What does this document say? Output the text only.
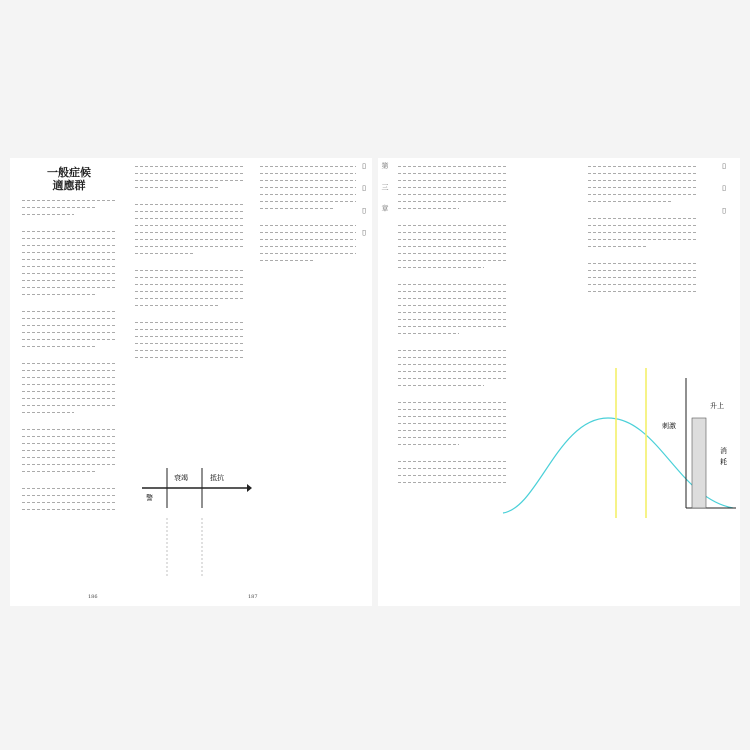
一般症候
適應群
警
衰竭	抵抗
▯ ▯ ▯ ▯
186	187
第 三 章
刺激
升上
消
耗
▯ ▯ ▯
